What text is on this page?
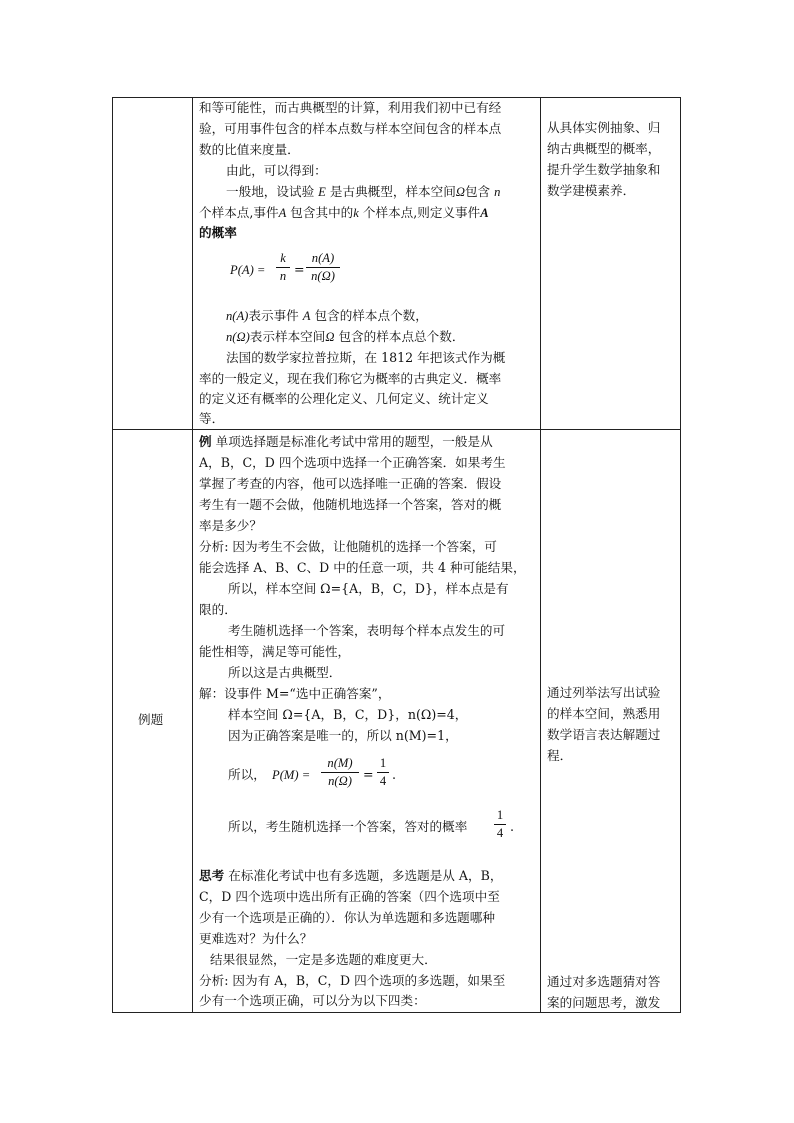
和等可能性，而古典概型的计算，利用我们初中已有经
验，可用事件包含的样本点数与样本空间包含的样本点
数的比值来度量．
由此，可以得到：
一般地，设试验 E 是古典概型，样本空间Ω包含 n
个样本点,事件A 包含其中的k 个样本点,则定义事件A
的概率
P(A) =
k
n =
n(A)
n(Ω)
n(A)表示事件 A 包含的样本点个数，
n(Ω)表示样本空间Ω 包含的样本点总个数．
法国的数学家拉普拉斯，在 1812 年把该式作为概
率的一般定义，现在我们称它为概率的古典定义．概率
的定义还有概率的公理化定义、几何定义、统计定义
等．
从具体实例抽象、归
纳古典概型的概率，
提升学生数学抽象和
数学建模素养．
例题
例 单项选择题是标准化考试中常用的题型，一般是从
A，B，C，D 四个选项中选择一个正确答案．如果考生
掌握了考查的内容，他可以选择唯一正确的答案．假设
考生有一题不会做，他随机地选择一个答案，答对的概
率是多少？
分析: 因为考生不会做，让他随机的选择一个答案，可
能会选择 A、B、C、D 中的任意一项，共 4 种可能结果，
所以，样本空间 Ω={A，B，C，D}，样本点是有
限的．
考生随机选择一个答案，表明每个样本点发生的可
能性相等，满足等可能性，
所以这是古典概型．
解：设事件 M=“选中正确答案”，
样本空间 Ω={A，B，C，D}，n(Ω)=4，
因为正确答案是唯一的，所以 n(M)=1，
所以， P(M) =
n(M)
n(Ω) =
1
4 .
所以，考生随机选择一个答案，答对的概率
1
4 .
思考 在标准化考试中也有多选题，多选题是从 A，B，
C，D 四个选项中选出所有正确的答案（四个选项中至
少有一个选项是正确的）．你认为单选题和多选题哪种
更难选对？为什么？
结果很显然，一定是多选题的难度更大．
分析: 因为有 A，B，C，D 四个选项的多选题，如果至
少有一个选项正确，可以分为以下四类：
通过列举法写出试验
的样本空间，熟悉用
数学语言表达解题过
程．
通过对多选题猜对答
案的问题思考，激发
